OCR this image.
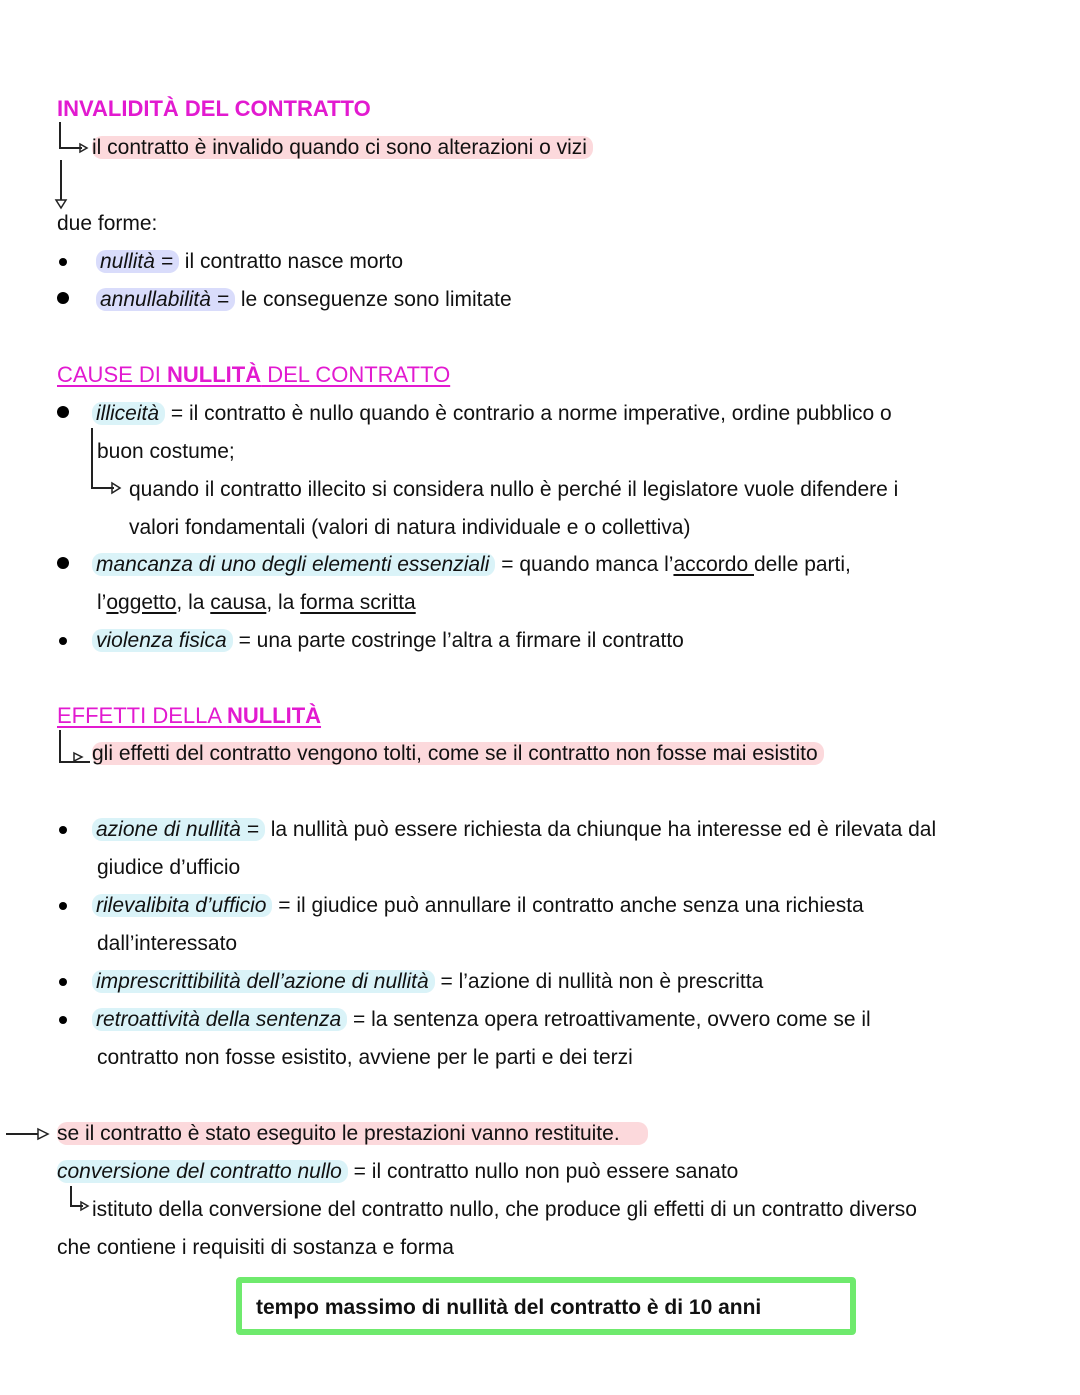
INVALIDITÀ DEL CONTRATTO
il contratto è invalido quando ci sono alterazioni o vizi
due forme:
nullità = il contratto nasce morto
annullabilità = le conseguenze sono limitate
CAUSE DI NULLITÀ DEL CONTRATTO
illiceità = il contratto è nullo quando è contrario a norme imperative, ordine pubblico o
buon costume;
quando il contratto illecito si considera nullo è perché il legislatore vuole difendere i
valori fondamentali (valori di natura individuale e o collettiva)
mancanza di uno degli elementi essenziali = quando manca l’accordo delle parti,
l’oggetto, la causa, la forma scritta
violenza fisica = una parte costringe l’altra a firmare il contratto
EFFETTI DELLA NULLITÀ
gli effetti del contratto vengono tolti, come se il contratto non fosse mai esistito
azione di nullità = la nullità può essere richiesta da chiunque ha interesse ed è rilevata dal
giudice d’ufficio
rilevalibita d’ufficio = il giudice può annullare il contratto anche senza una richiesta
dall’interessato
imprescrittibilità dell’azione di nullità = l’azione di nullità non è prescritta
retroattività della sentenza = la sentenza opera retroattivamente, ovvero come se il
contratto non fosse esistito, avviene per le parti e dei terzi
se il contratto è stato eseguito le prestazioni vanno restituite.
conversione del contratto nullo = il contratto nullo non può essere sanato
istituto della conversione del contratto nullo, che produce gli effetti di un contratto diverso
che contiene i requisiti di sostanza e forma
tempo massimo di nullità del contratto è di 10 anni
